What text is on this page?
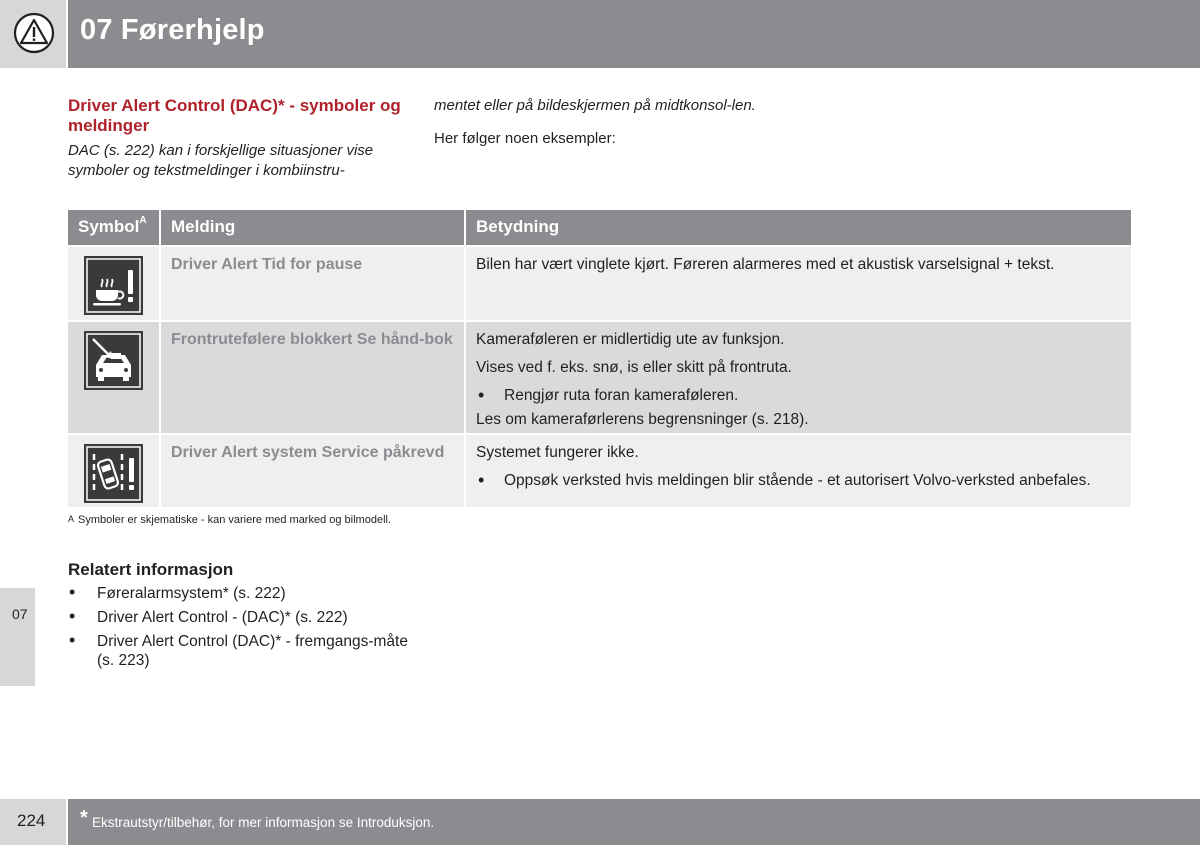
07 Førerhjelp
07
Driver Alert Control (DAC)* - symboler og meldinger
DAC (s. 222) kan i forskjellige situasjoner vise symboler og tekstmeldinger i kombiinstru-
mentet eller på bildeskjermen på midtkonsol-len.
Her følger noen eksempler:
Symbol$^A$	Melding	Betydning
Driver Alert Tid for pause	Bilen har vært vinglete kjørt. Føreren alarmeres med et akustisk varselsignal + tekst.
Frontrutefølere blokkert Se hånd-bok	Kameraføleren er midlertidig ute av funksjon.
Vises ved f. eks. snø, is eller skitt på frontruta.
• Rengjør ruta foran kameraføleren.
Les om kameraførlerens begrensninger (s. 218).
Driver Alert system Service påkrevd	Systemet fungerer ikke.
• Oppsøk verksted hvis meldingen blir stående - et autorisert Volvo-verksted anbefales.
A Symboler er skjematiske - kan variere med marked og bilmodell.
Relatert informasjon
• Føreralarmsystem* (s. 222)
• Driver Alert Control - (DAC)* (s. 222)
• Driver Alert Control (DAC)* - fremgangs-måte (s. 223)
224 * Ekstrautstyr/tilbehør, for mer informasjon se Introduksjon.
